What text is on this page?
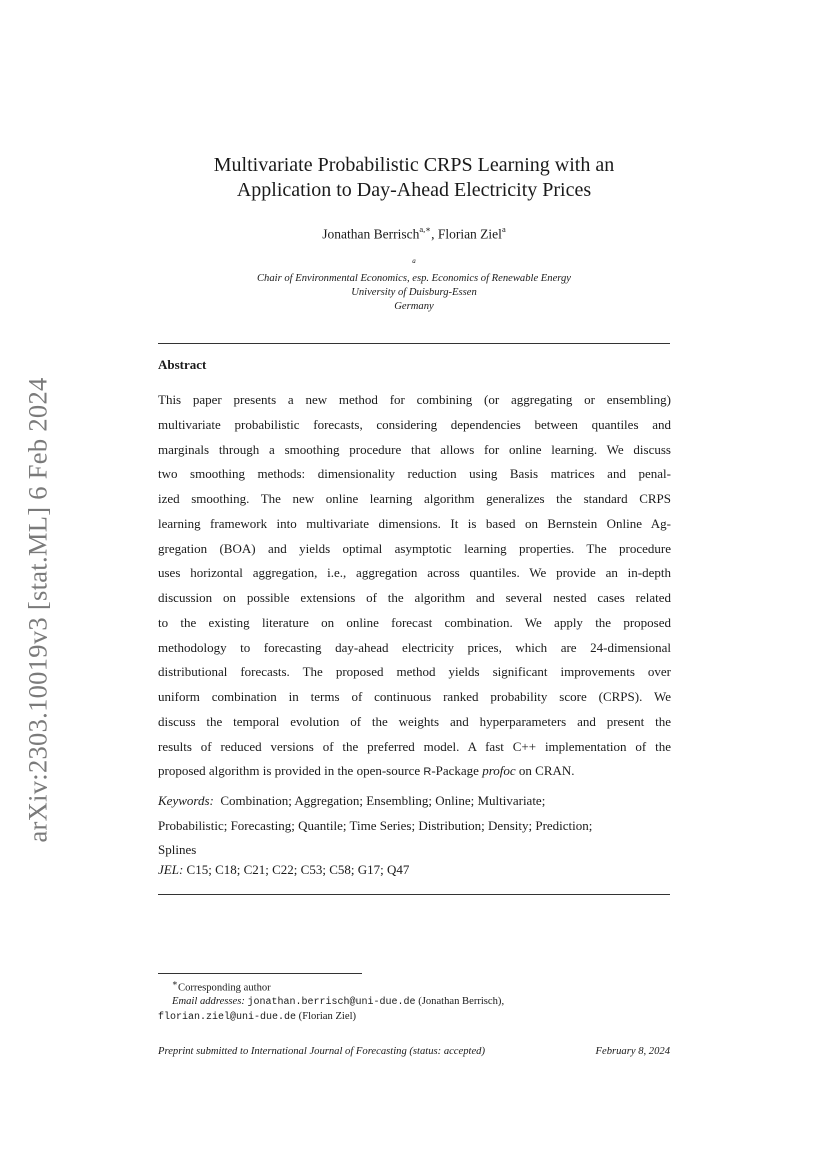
arXiv:2303.10019v3 [stat.ML] 6 Feb 2024
Multivariate Probabilistic CRPS Learning with an
Application to Day-Ahead Electricity Prices
Jonathan Berrisch$^{a,∗}$, Florian Ziel$^a$
$^a$
Chair of Environmental Economics, esp. Economics of Renewable Energy
University of Duisburg-Essen
Germany
Abstract
This paper presents a new method for combining (or aggregating or ensembling)
multivariate probabilistic forecasts, considering dependencies between quantiles and
marginals through a smoothing procedure that allows for online learning. We discuss
two smoothing methods: dimensionality reduction using Basis matrices and penal-
ized smoothing. The new online learning algorithm generalizes the standard CRPS
learning framework into multivariate dimensions. It is based on Bernstein Online Ag-
gregation (BOA) and yields optimal asymptotic learning properties. The procedure
uses horizontal aggregation, i.e., aggregation across quantiles. We provide an in-depth
discussion on possible extensions of the algorithm and several nested cases related
to the existing literature on online forecast combination. We apply the proposed
methodology to forecasting day-ahead electricity prices, which are 24-dimensional
distributional forecasts. The proposed method yields significant improvements over
uniform combination in terms of continuous ranked probability score (CRPS). We
discuss the temporal evolution of the weights and hyperparameters and present the
results of reduced versions of the preferred model. A fast C++ implementation of the
proposed algorithm is provided in the open-source R-Package profoc on CRAN.
Keywords: Combination; Aggregation; Ensembling; Online; Multivariate;
Probabilistic; Forecasting; Quantile; Time Series; Distribution; Density; Prediction;
Splines
JEL: C15; C18; C21; C22; C53; C58; G17; Q47
∗Corresponding author
Email addresses: jonathan.berrisch@uni-due.de (Jonathan Berrisch),
florian.ziel@uni-due.de (Florian Ziel)
Preprint submitted to International Journal of Forecasting (status: accepted)	February 8, 2024
